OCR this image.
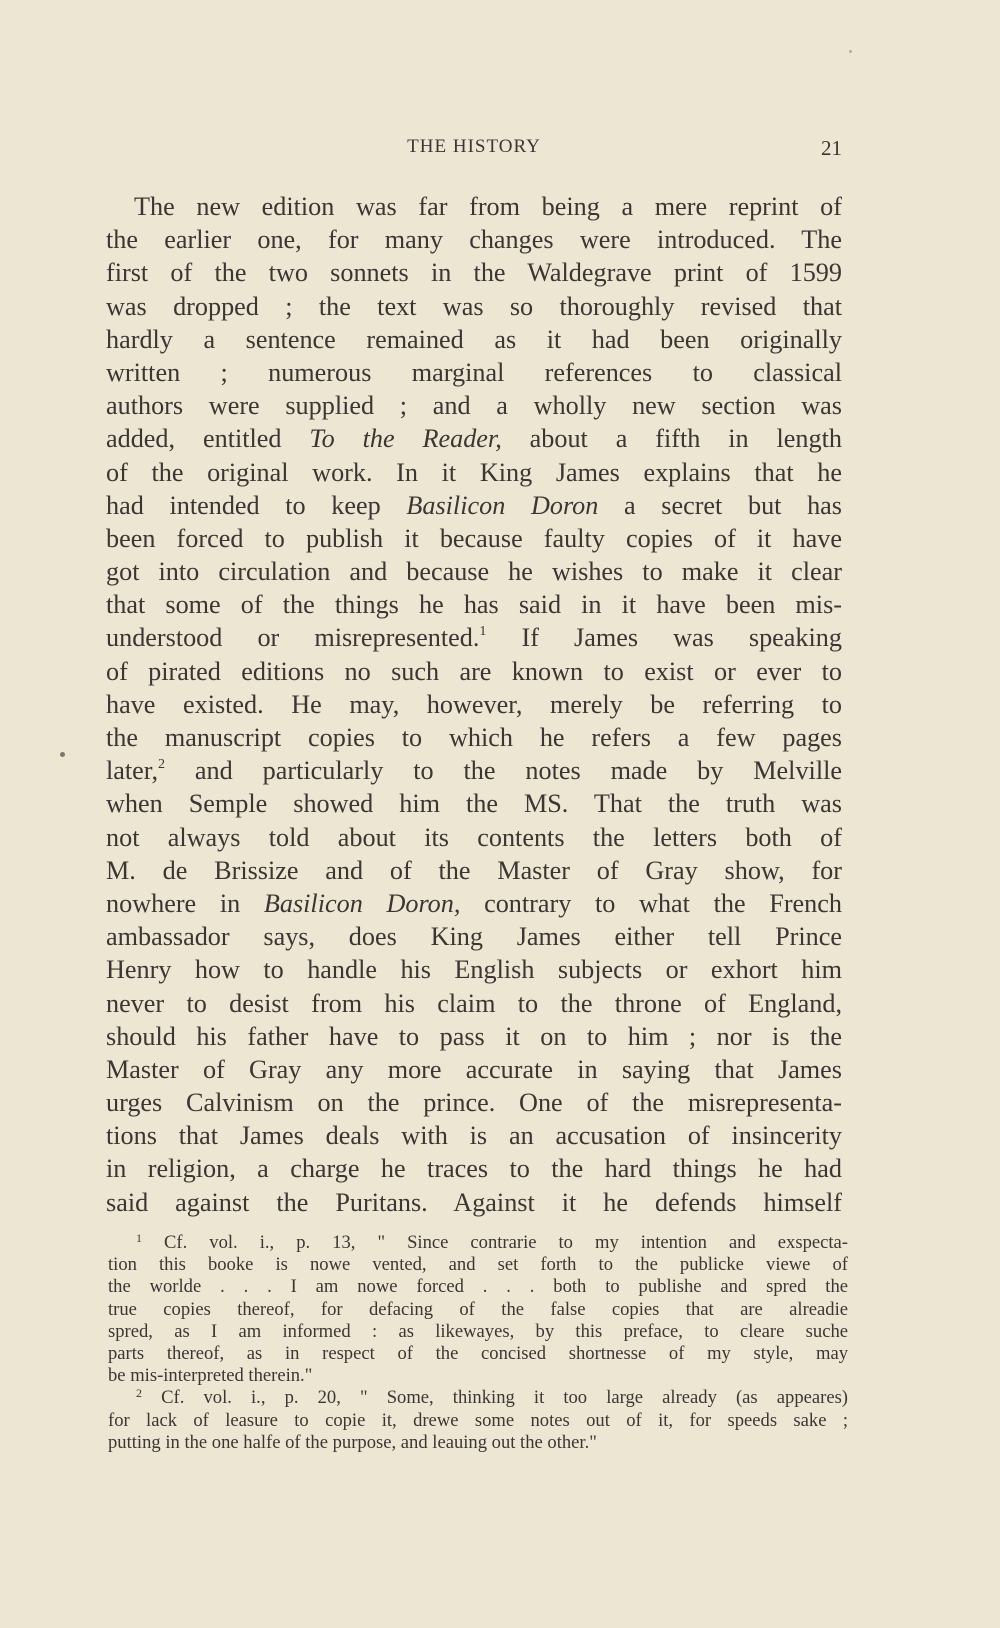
THE HISTORY	21
The new edition was far from being a mere reprint of
the earlier one, for many changes were introduced. The
first of the two sonnets in the Waldegrave print of 1599
was dropped ; the text was so thoroughly revised that
hardly a sentence remained as it had been originally
written ; numerous marginal references to classical
authors were supplied ; and a wholly new section was
added, entitled To the Reader, about a fifth in length
of the original work. In it King James explains that he
had intended to keep Basilicon Doron a secret but has
been forced to publish it because faulty copies of it have
got into circulation and because he wishes to make it clear
that some of the things he has said in it have been mis-
understood or misrepresented.$^1$ If James was speaking
of pirated editions no such are known to exist or ever to
have existed. He may, however, merely be referring to
the manuscript copies to which he refers a few pages
later,$^2$ and particularly to the notes made by Melville
when Semple showed him the MS. That the truth was
not always told about its contents the letters both of
M. de Brissize and of the Master of Gray show, for
nowhere in Basilicon Doron, contrary to what the French
ambassador says, does King James either tell Prince
Henry how to handle his English subjects or exhort him
never to desist from his claim to the throne of England,
should his father have to pass it on to him ; nor is the
Master of Gray any more accurate in saying that James
urges Calvinism on the prince. One of the misrepresenta-
tions that James deals with is an accusation of insincerity
in religion, a charge he traces to the hard things he had
said against the Puritans. Against it he defends himself
$^1$ Cf. vol. i., p. 13, " Since contrarie to my intention and exspecta-
tion this booke is nowe vented, and set forth to the publicke viewe of
the worlde . . . I am nowe forced . . . both to publishe and spred the
true copies thereof, for defacing of the false copies that are alreadie
spred, as I am informed : as likewayes, by this preface, to cleare suche
parts thereof, as in respect of the concised shortnesse of my style, may
be mis-interpreted therein."
$^2$ Cf. vol. i., p. 20, " Some, thinking it too large already (as appeares)
for lack of leasure to copie it, drewe some notes out of it, for speeds sake ;
putting in the one halfe of the purpose, and leauing out the other."
